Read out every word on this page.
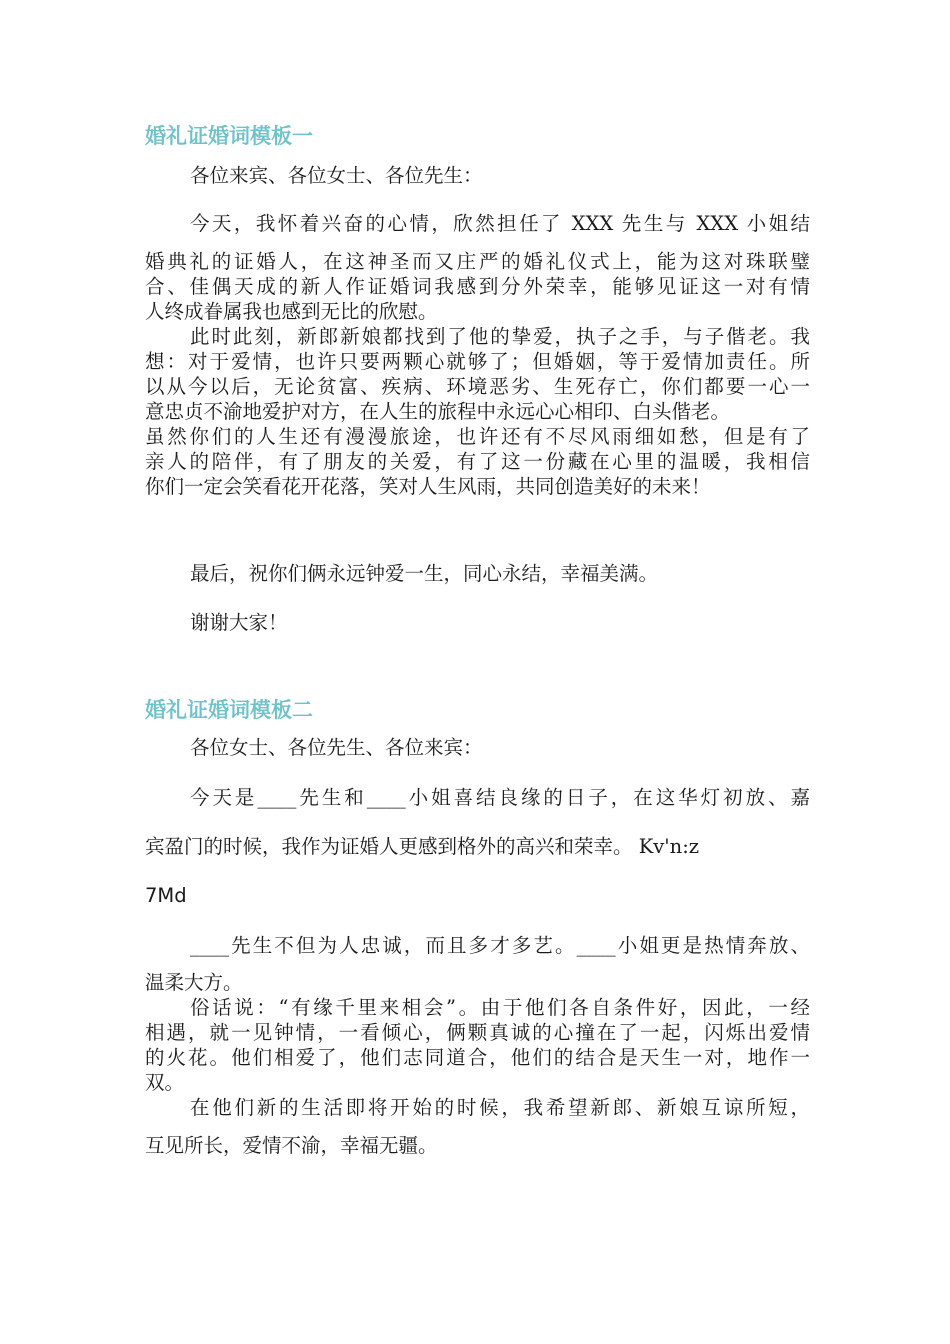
婚礼证婚词模板一
各位来宾、各位女士、各位先生：
今天，我怀着兴奋的心情，欣然担任了 XXX 先生与 XXX 小姐结
婚典礼的证婚人，在这神圣而又庄严的婚礼仪式上，能为这对珠联璧
合、佳偶天成的新人作证婚词我感到分外荣幸，能够见证这一对有情
人终成眷属我也感到无比的欣慰。
此时此刻，新郎新娘都找到了他的挚爱，执子之手，与子偕老。我
想：对于爱情，也许只要两颗心就够了；但婚姻，等于爱情加责任。所
以从今以后，无论贫富、疾病、环境恶劣、生死存亡，你们都要一心一
意忠贞不渝地爱护对方，在人生的旅程中永远心心相印、白头偕老。
虽然你们的人生还有漫漫旅途，也许还有不尽风雨细如愁，但是有了
亲人的陪伴，有了朋友的关爱，有了这一份藏在心里的温暖，我相信
你们一定会笑看花开花落，笑对人生风雨，共同创造美好的未来！
最后，祝你们俩永远钟爱一生，同心永结，幸福美满。
谢谢大家！
婚礼证婚词模板二
各位女士、各位先生、各位来宾：
今天是____先生和____小姐喜结良缘的日子，在这华灯初放、嘉
宾盈门的时候，我作为证婚人更感到格外的高兴和荣幸。 Kv'n:z
7Md
____先生不但为人忠诚，而且多才多艺。____小姐更是热情奔放、
温柔大方。
俗话说：“有缘千里来相会”。由于他们各自条件好，因此，一经
相遇，就一见钟情，一看倾心，俩颗真诚的心撞在了一起，闪烁出爱情
的火花。他们相爱了，他们志同道合，他们的结合是天生一对，地作一
双。
在他们新的生活即将开始的时候，我希望新郎、新娘互谅所短，
互见所长，爱情不渝，幸福无疆。
